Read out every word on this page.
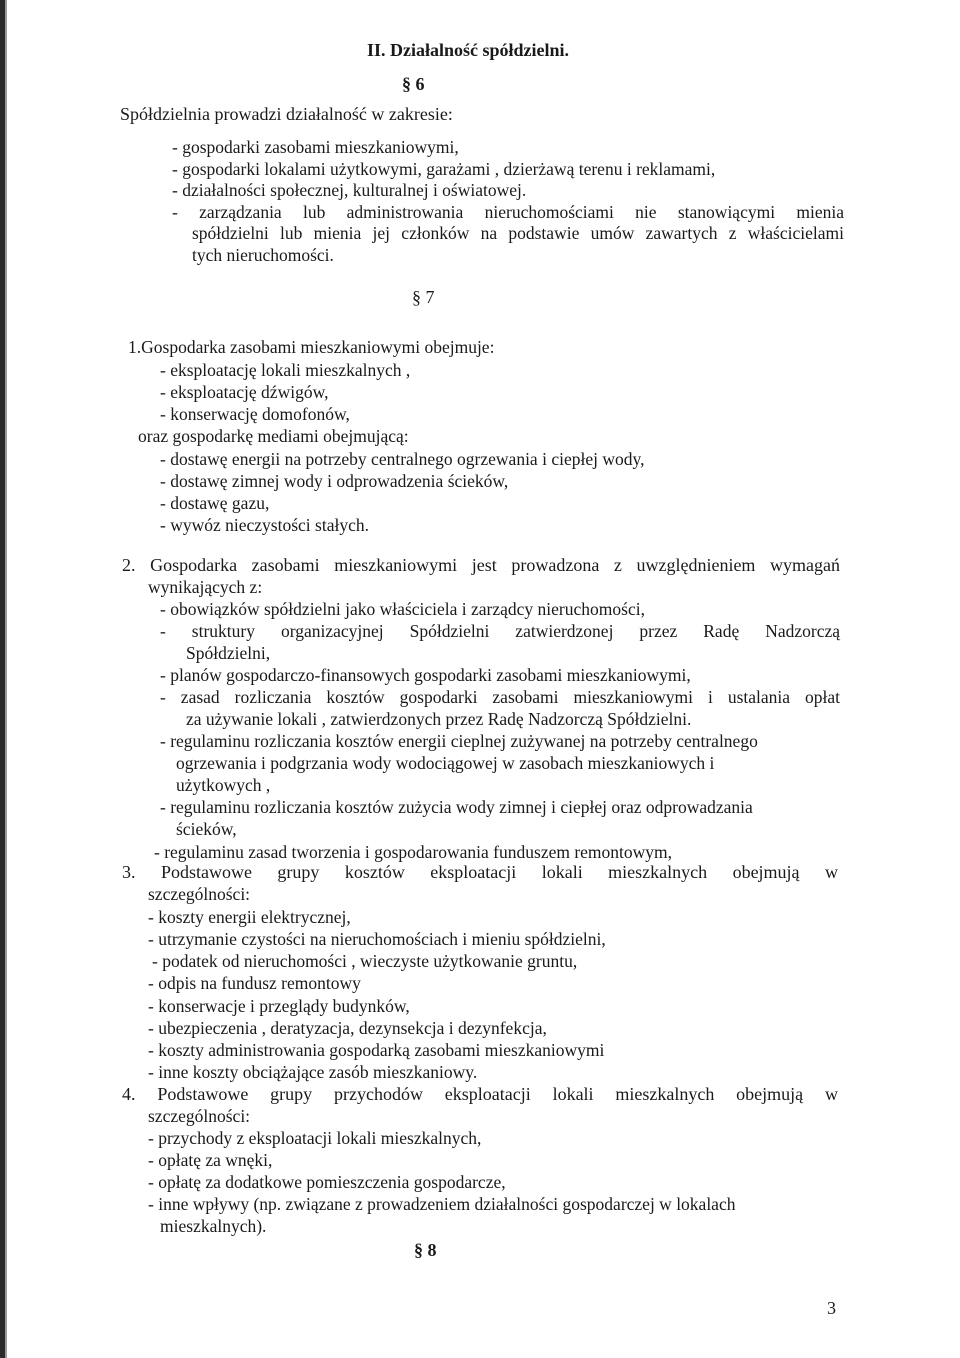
II. Działalność spółdzielni.
§ 6
Spółdzielnia prowadzi działalność w zakresie:
- gospodarki zasobami mieszkaniowymi,
- gospodarki lokalami użytkowymi, garażami , dzierżawą terenu i reklamami,
- działalności społecznej, kulturalnej i oświatowej.
- zarządzania lub administrowania nieruchomościami nie stanowiącymi mienia
spółdzielni lub mienia jej członków na podstawie umów zawartych z właścicielami
tych nieruchomości.
§ 7
1.Gospodarka zasobami mieszkaniowymi obejmuje:
- eksploatację lokali mieszkalnych ,
- eksploatację dźwigów,
- konserwację domofonów,
oraz gospodarkę mediami obejmującą:
- dostawę energii na potrzeby centralnego ogrzewania i ciepłej wody,
- dostawę zimnej wody i odprowadzenia ścieków,
- dostawę gazu,
- wywóz nieczystości stałych.
2. Gospodarka zasobami mieszkaniowymi jest prowadzona z uwzględnieniem wymagań
wynikających z:
- obowiązków spółdzielni jako właściciela i zarządcy nieruchomości,
- struktury organizacyjnej Spółdzielni zatwierdzonej przez Radę Nadzorczą
Spółdzielni,
- planów gospodarczo-finansowych gospodarki zasobami mieszkaniowymi,
- zasad rozliczania kosztów gospodarki zasobami mieszkaniowymi i ustalania opłat
za używanie lokali , zatwierdzonych przez Radę Nadzorczą Spółdzielni.
- regulaminu rozliczania kosztów energii cieplnej zużywanej na potrzeby centralnego
ogrzewania i podgrzania wody wodociągowej w zasobach mieszkaniowych i
użytkowych ,
- regulaminu rozliczania kosztów zużycia wody zimnej i ciepłej oraz odprowadzania
ścieków,
- regulaminu zasad tworzenia i gospodarowania funduszem remontowym,
3. Podstawowe grupy kosztów eksploatacji lokali mieszkalnych obejmują w
szczególności:
- koszty energii elektrycznej,
- utrzymanie czystości na nieruchomościach i mieniu spółdzielni,
- podatek od nieruchomości , wieczyste użytkowanie gruntu,
- odpis na fundusz remontowy
- konserwacje i przeglądy budynków,
- ubezpieczenia , deratyzacja, dezynsekcja i dezynfekcja,
- koszty administrowania gospodarką zasobami mieszkaniowymi
- inne koszty obciążające zasób mieszkaniowy.
4. Podstawowe grupy przychodów eksploatacji lokali mieszkalnych obejmują w
szczególności:
- przychody z eksploatacji lokali mieszkalnych,
- opłatę za wnęki,
- opłatę za dodatkowe pomieszczenia gospodarcze,
- inne wpływy (np. związane z prowadzeniem działalności gospodarczej w lokalach
mieszkalnych).
§ 8
3
